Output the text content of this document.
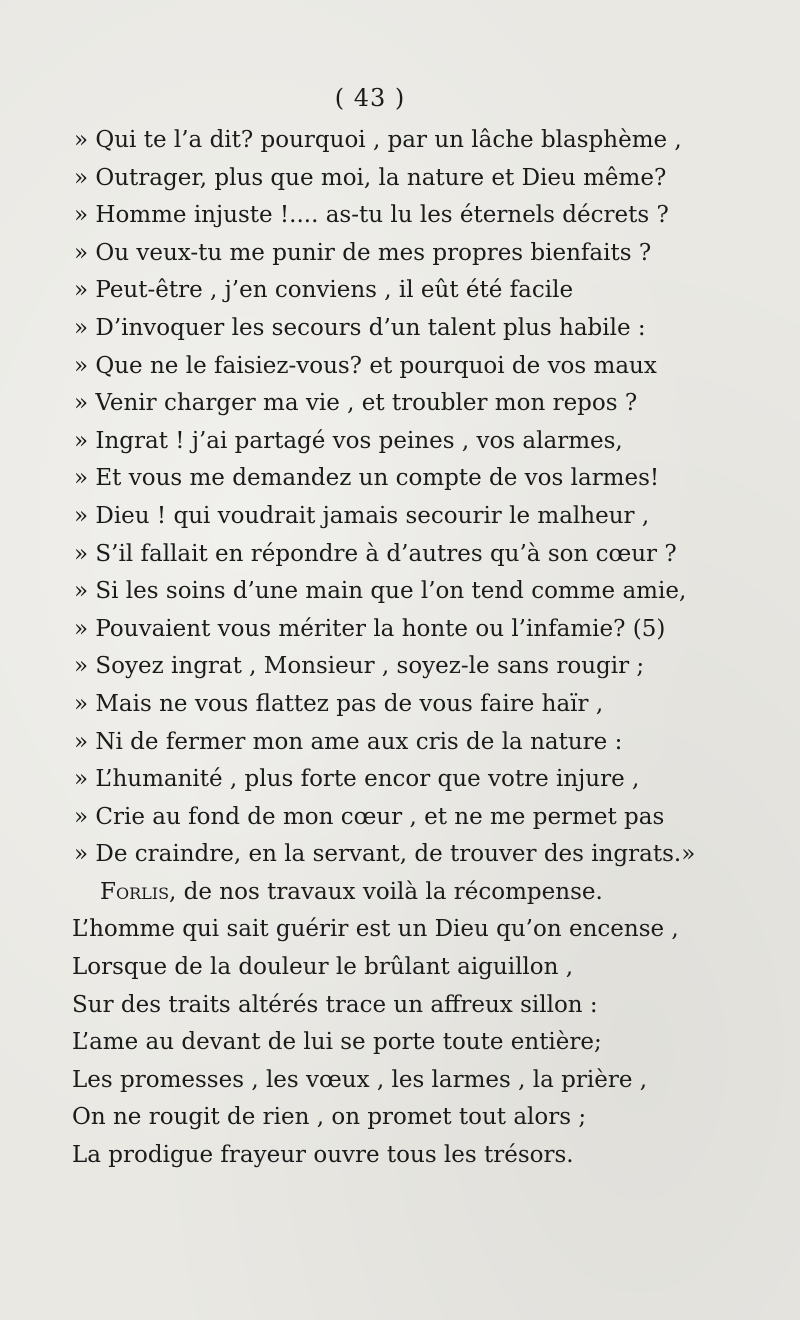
( 43 )
» Qui te l’a dit? pourquoi , par un lâche blasphème ,
» Outrager, plus que moi, la nature et Dieu même?
» Homme injuste !.... as-tu lu les éternels décrets ?
» Ou veux-tu me punir de mes propres bienfaits ?
» Peut-être , j’en conviens , il eût été facile
» D’invoquer les secours d’un talent plus habile :
» Que ne le faisiez-vous? et pourquoi de vos maux
» Venir charger ma vie , et troubler mon repos ?
» Ingrat ! j’ai partagé vos peines , vos alarmes,
» Et vous me demandez un compte de vos larmes!
» Dieu ! qui voudrait jamais secourir le malheur ,
» S’il fallait en répondre à d’autres qu’à son cœur ?
» Si les soins d’une main que l’on tend comme amie,
» Pouvaient vous mériter la honte ou l’infamie? (5)
» Soyez ingrat , Monsieur , soyez-le sans rougir ;
» Mais ne vous flattez pas de vous faire haïr ,
» Ni de fermer mon ame aux cris de la nature :
» L’humanité , plus forte encor que votre injure ,
» Crie au fond de mon cœur , et ne me permet pas
» De craindre, en la servant, de trouver des ingrats.»
Forlis, de nos travaux voilà la récompense.
L’homme qui sait guérir est un Dieu qu’on encense ,
Lorsque de la douleur le brûlant aiguillon ,
Sur des traits altérés trace un affreux sillon :
L’ame au devant de lui se porte toute entière;
Les promesses , les vœux , les larmes , la prière ,
On ne rougit de rien , on promet tout alors ;
La prodigue frayeur ouvre tous les trésors.
